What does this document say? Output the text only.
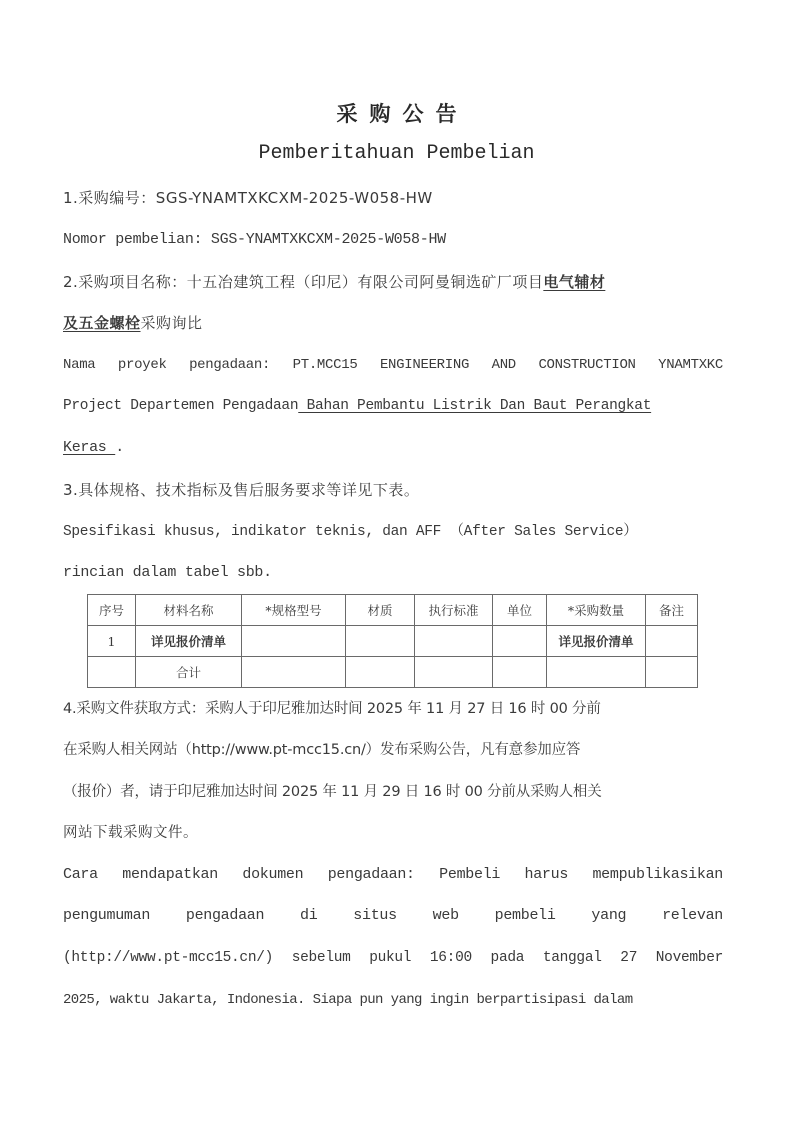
采购公告
Pemberitahuan Pembelian
1.采购编号：SGS-YNAMTXKCXM-2025-W058-HW
Nomor pembelian: SGS-YNAMTXKCXM-2025-W058-HW
2.采购项目名称：十五冶建筑工程（印尼）有限公司阿曼铜选矿厂项目电气辅材
及五金螺栓采购询比
Nama proyek pengadaan: PT.MCC15 ENGINEERING AND CONSTRUCTION YNAMTXKC
Project Departemen Pengadaan Bahan Pembantu Listrik Dan Baut Perangkat
Keras .
3.具体规格、技术指标及售后服务要求等详见下表。
Spesifikasi khusus, indikator teknis, dan AFF （After Sales Service）
rincian dalam tabel sbb.
序号	材料名称	*规格型号	材质	执行标准	单位	*采购数量	备注
1	详见报价清单					详见报价清单	
	合计						
4.采购文件获取方式：采购人于印尼雅加达时间 2025 年 11 月 27 日 16 时 00 分前
在采购人相关网站（http://www.pt-mcc15.cn/）发布采购公告，凡有意参加应答
（报价）者，请于印尼雅加达时间 2025 年 11 月 29 日 16 时 00 分前从采购人相关
网站下载采购文件。
Cara mendapatkan dokumen pengadaan: Pembeli harus mempublikasikan
pengumuman pengadaan di situs web pembeli yang relevan
(http://www.pt-mcc15.cn/) sebelum pukul 16:00 pada tanggal 27 November
2025, waktu Jakarta, Indonesia. Siapa pun yang ingin berpartisipasi dalam
